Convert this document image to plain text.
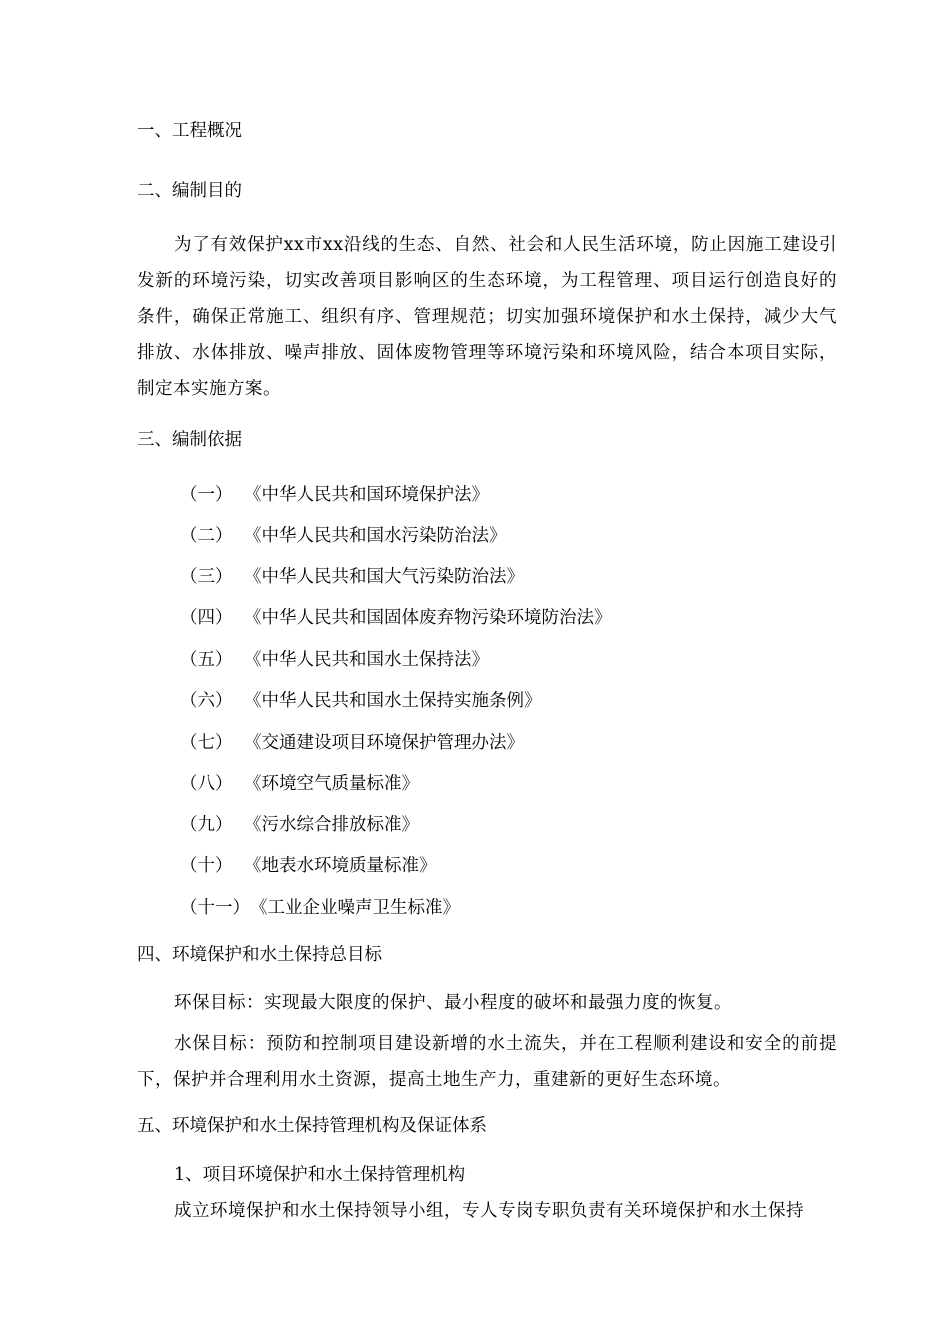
一、工程概况
二、编制目的
为了有效保护xx市xx沿线的生态、自然、社会和人民生活环境，防止因施工建设引发新的环境污染，切实改善项目影响区的生态环境，为工程管理、项目运行创造良好的条件，确保正常施工、组织有序、管理规范；切实加强环境保护和水土保持，减少大气排放、水体排放、噪声排放、固体废物管理等环境污染和环境风险，结合本项目实际，制定本实施方案。
三、编制依据
（一） 《中华人民共和国环境保护法》
（二） 《中华人民共和国水污染防治法》
（三） 《中华人民共和国大气污染防治法》
（四） 《中华人民共和国固体废弃物污染环境防治法》
（五） 《中华人民共和国水土保持法》
（六） 《中华人民共和国水土保持实施条例》
（七） 《交通建设项目环境保护管理办法》
（八） 《环境空气质量标准》
（九） 《污水综合排放标准》
（十） 《地表水环境质量标准》
（十一）《工业企业噪声卫生标准》
四、环境保护和水土保持总目标
环保目标：实现最大限度的保护、最小程度的破坏和最强力度的恢复。
水保目标：预防和控制项目建设新增的水土流失，并在工程顺利建设和安全的前提下，保护并合理利用水土资源，提高土地生产力，重建新的更好生态环境。
五、环境保护和水土保持管理机构及保证体系
1、项目环境保护和水土保持管理机构
成立环境保护和水土保持领导小组，专人专岗专职负责有关环境保护和水土保持
